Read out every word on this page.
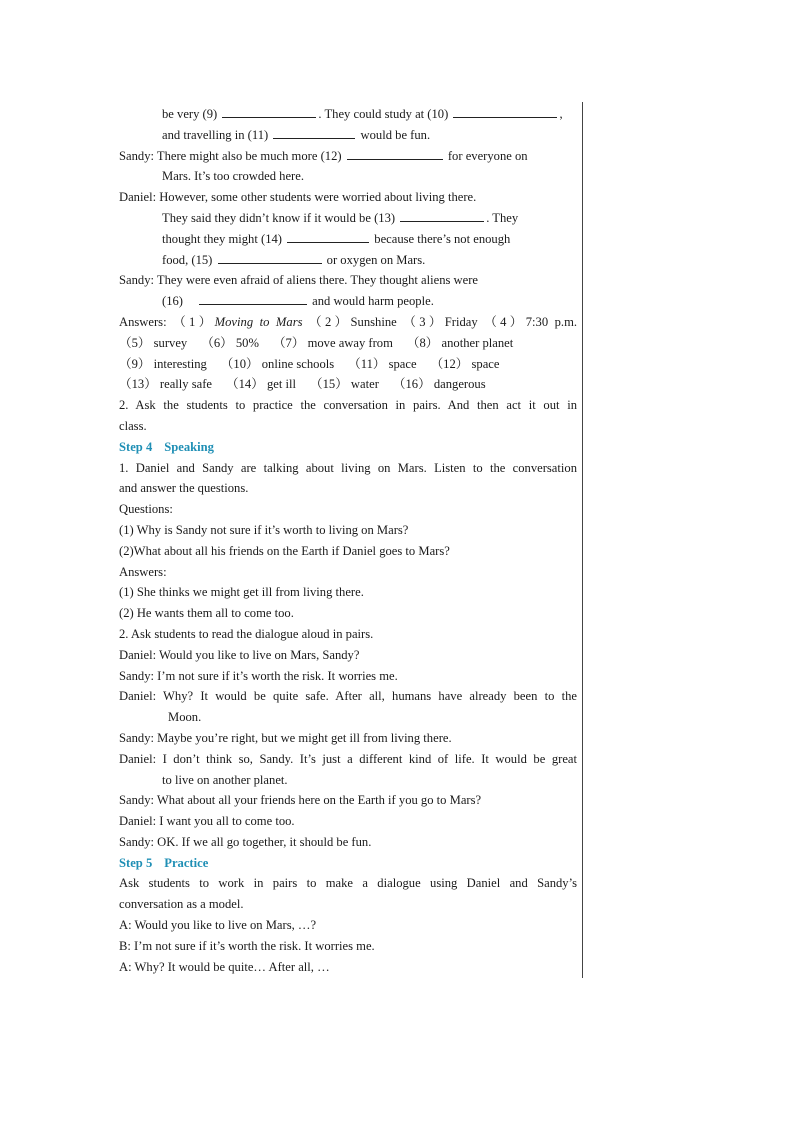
be very (9)	. They could study at (10)	,
and travelling in (11)	would be fun.
Sandy: There might also be much more (12)	for everyone on
Mars. It’s too crowded here.
Daniel: However, some other students were worried about living there.
They said they didn’t know if it would be (13)	. They
thought they might (14)	because there’s not enough
food, (15)	or oxygen on Mars.
Sandy: They were even afraid of aliens there. They thought aliens were
(16)	and would harm people.
Answers: （1）Moving to Mars （2）Sunshine （3）Friday （4）7:30 p.m.
（5） survey （6） 50% （7） move away from （8） another planet
（9） interesting （10） online schools （11） space （12） space
（13） really safe （14） get ill （15） water （16） dangerous
2. Ask the students to practice the conversation in pairs. And then act it out in
class.
Step 4 Speaking
1. Daniel and Sandy are talking about living on Mars. Listen to the conversation
and answer the questions.
Questions:
(1) Why is Sandy not sure if it’s worth to living on Mars?
(2)What about all his friends on the Earth if Daniel goes to Mars?
Answers:
(1) She thinks we might get ill from living there.
(2) He wants them all to come too.
2. Ask students to read the dialogue aloud in pairs.
Daniel: Would you like to live on Mars, Sandy?
Sandy: I’m not sure if it’s worth the risk. It worries me.
Daniel: Why? It would be quite safe. After all, humans have already been to the
Moon.
Sandy: Maybe you’re right, but we might get ill from living there.
Daniel: I don’t think so, Sandy. It’s just a different kind of life. It would be great
to live on another planet.
Sandy: What about all your friends here on the Earth if you go to Mars?
Daniel: I want you all to come too.
Sandy: OK. If we all go together, it should be fun.
Step 5 Practice
Ask students to work in pairs to make a dialogue using Daniel and Sandy’s
conversation as a model.
A: Would you like to live on Mars, …?
B: I’m not sure if it’s worth the risk. It worries me.
A: Why? It would be quite… After all, …
